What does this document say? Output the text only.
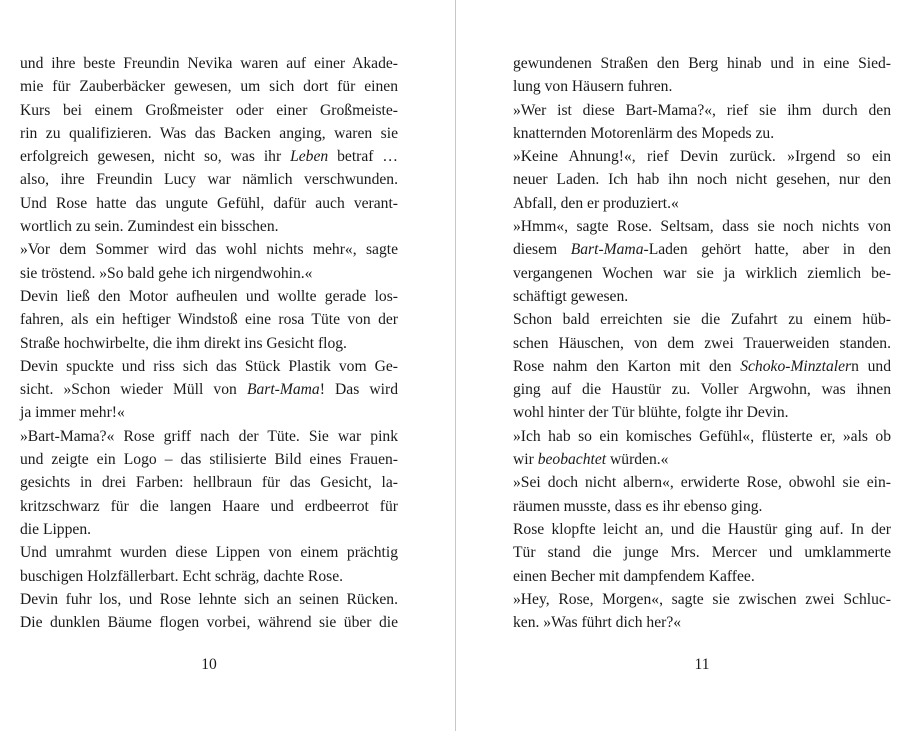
und ihre beste Freundin Nevika waren auf einer Akade-
mie für Zauberbäcker gewesen, um sich dort für einen
Kurs bei einem Großmeister oder einer Großmeiste-
rin zu qualifizieren. Was das Backen anging, waren sie
erfolgreich gewesen, nicht so, was ihr Leben betraf …
also, ihre Freundin Lucy war nämlich verschwunden.
Und Rose hatte das ungute Gefühl, dafür auch verant-
wortlich zu sein. Zumindest ein bisschen.
»Vor dem Sommer wird das wohl nichts mehr«, sagte
sie tröstend. »So bald gehe ich nirgendwohin.«
Devin ließ den Motor aufheulen und wollte gerade los-
fahren, als ein heftiger Windstoß eine rosa Tüte von der
Straße hochwirbelte, die ihm direkt ins Gesicht flog.
Devin spuckte und riss sich das Stück Plastik vom Ge-
sicht. »Schon wieder Müll von Bart-Mama! Das wird
ja immer mehr!«
»Bart-Mama?« Rose griff nach der Tüte. Sie war pink
und zeigte ein Logo – das stilisierte Bild eines Frauen-
gesichts in drei Farben: hellbraun für das Gesicht, la-
kritzschwarz für die langen Haare und erdbeerrot für
die Lippen.
Und umrahmt wurden diese Lippen von einem prächtig
buschigen Holzfällerbart. Echt schräg, dachte Rose.
Devin fuhr los, und Rose lehnte sich an seinen Rücken.
Die dunklen Bäume flogen vorbei, während sie über die
10
gewundenen Straßen den Berg hinab und in eine Sied-
lung von Häusern fuhren.
»Wer ist diese Bart-Mama?«, rief sie ihm durch den
knatternden Motorenlärm des Mopeds zu.
»Keine Ahnung!«, rief Devin zurück. »Irgend so ein
neuer Laden. Ich hab ihn noch nicht gesehen, nur den
Abfall, den er produziert.«
»Hmm«, sagte Rose. Seltsam, dass sie noch nichts von
diesem Bart-Mama-Laden gehört hatte, aber in den
vergangenen Wochen war sie ja wirklich ziemlich be-
schäftigt gewesen.
Schon bald erreichten sie die Zufahrt zu einem hüb-
schen Häuschen, von dem zwei Trauerweiden standen.
Rose nahm den Karton mit den Schoko-Minztalern und
ging auf die Haustür zu. Voller Argwohn, was ihnen
wohl hinter der Tür blühte, folgte ihr Devin.
»Ich hab so ein komisches Gefühl«, flüsterte er, »als ob
wir beobachtet würden.«
»Sei doch nicht albern«, erwiderte Rose, obwohl sie ein-
räumen musste, dass es ihr ebenso ging.
Rose klopfte leicht an, und die Haustür ging auf. In der
Tür stand die junge Mrs. Mercer und umklammerte
einen Becher mit dampfendem Kaffee.
»Hey, Rose, Morgen«, sagte sie zwischen zwei Schluc-
ken. »Was führt dich her?«
11
